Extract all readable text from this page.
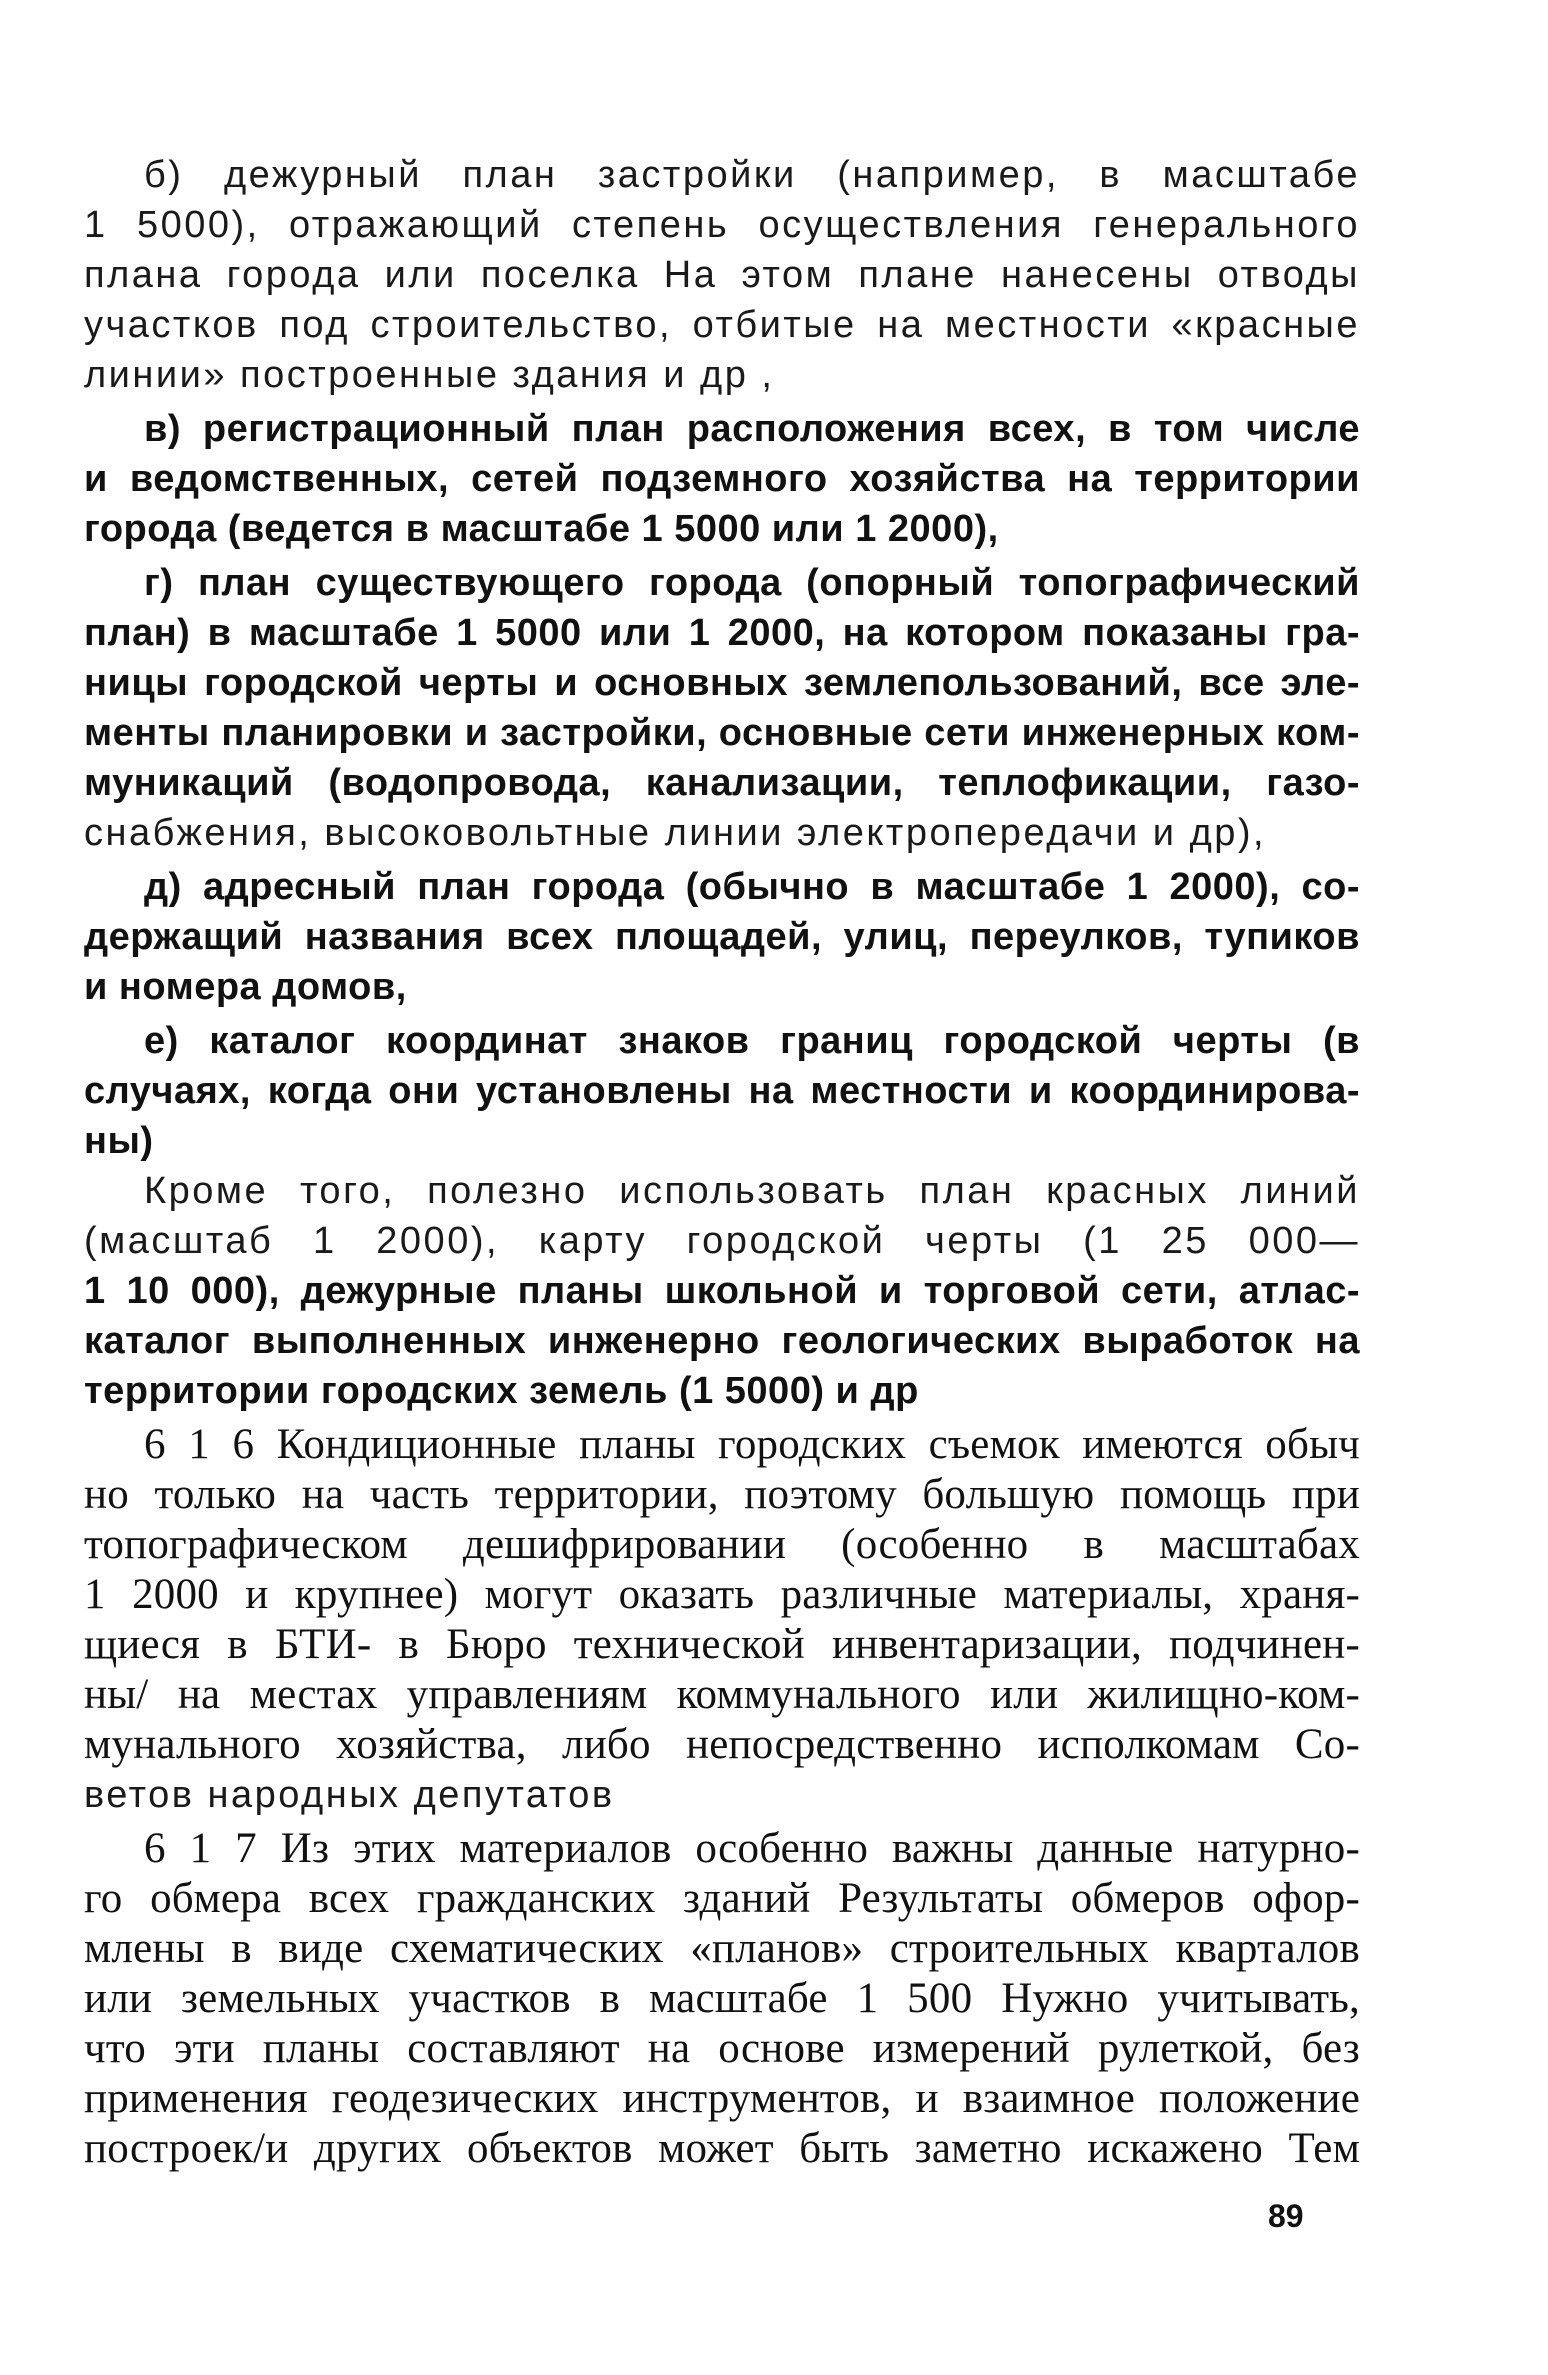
б) дежурный план застройки (например, в масштабе
1 5000), отражающий степень осуществления генерального
плана города или поселка На этом плане нанесены отводы
участков под строительство, отбитые на местности «красные
линии» построенные здания и др ,
в) регистрационный план расположения всех, в том числе
и ведомственных, сетей подземного хозяйства на территории
города (ведется в масштабе 1 5000 или 1 2000),
г) план существующего города (опорный топографический
план) в масштабе 1 5000 или 1 2000, на котором показаны гра-
ницы городской черты и основных землепользований, все эле-
менты планировки и застройки, основные сети инженерных ком-
муникаций (водопровода, канализации, теплофикации, газо-
снабжения, высоковольтные линии электропередачи и др),
д) адресный план города (обычно в масштабе 1 2000), со-
держащий названия всех площадей, улиц, переулков, тупиков
и номера домов,
е) каталог координат знаков границ городской черты (в
случаях, когда они установлены на местности и координирова-
ны)
Кроме того, полезно использовать план красных линий
(масштаб 1 2000), карту городской черты (1 25 000—
1 10 000), дежурные планы школьной и торговой сети, атлас-
каталог выполненных инженерно геологических выработок на
территории городских земель (1 5000) и др
6 1 6 Кондиционные планы городских съемок имеются обыч
но только на часть территории, поэтому большую помощь при
топографическом дешифрировании (особенно в масштабах
1 2000 и крупнее) могут оказать различные материалы, храня-
щиеся в БТИ- в Бюро технической инвентаризации, подчинен-
ны/ на местах управлениям коммунального или жилищно-ком-
мунального хозяйства, либо непосредственно исполкомам Со-
ветов народных депутатов
6 1 7 Из этих материалов особенно важны данные натурно-
го обмера всех гражданских зданий Результаты обмеров офор-
млены в виде схематических «планов» строительных кварталов
или земельных участков в масштабе 1 500 Нужно учитывать,
что эти планы составляют на основе измерений рулеткой, без
применения геодезических инструментов, и взаимное положение
построек/и других объектов может быть заметно искажено Тем
89
